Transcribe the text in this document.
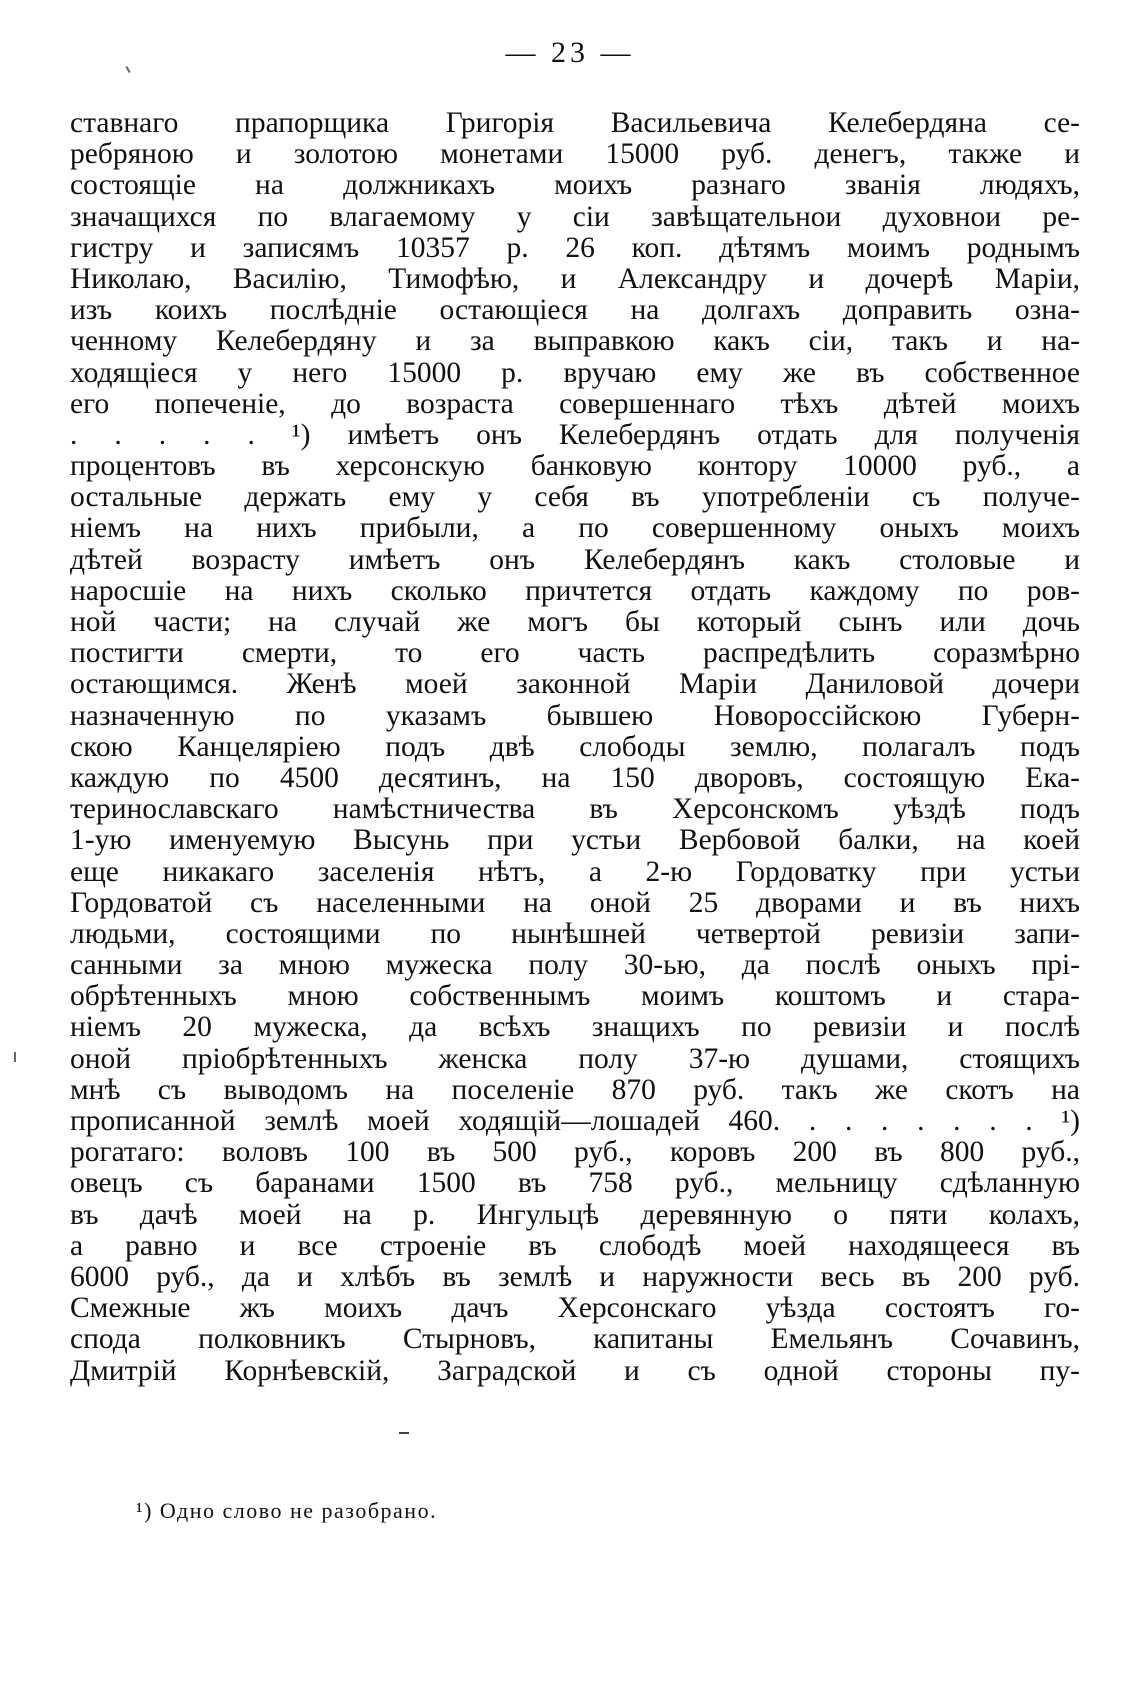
— 23 —
ставнаго прапорщика Григорія Васильевича Келебердяна се-
ребряною и золотою монетами 15000 руб. денегъ, также и
состоящіе на должникахъ моихъ разнаго званія людяхъ,
значащихся по влагаемому у сіи завѣщательнои духовнои ре-
гистру и записямъ 10357 р. 26 коп. дѣтямъ моимъ роднымъ
Николаю, Василію, Тимофѣю, и Александру и дочерѣ Маріи,
изъ коихъ послѣдніе остающіеся на долгахъ доправить озна-
ченному Келебердяну и за выправкою какъ сіи, такъ и на-
ходящіеся у него 15000 р. вручаю ему же въ собственное
его попеченіе, до возраста совершеннаго тѣхъ дѣтей моихъ
. . . . . ¹) имѣетъ онъ Келебердянъ отдать для полученія
процентовъ въ херсонскую банковую контору 10000 руб., а
остальные держать ему у себя въ употребленіи съ получе-
ніемъ на нихъ прибыли, а по совершенному оныхъ моихъ
дѣтей возрасту имѣетъ онъ Келебердянъ какъ столовые и
наросшіе на нихъ сколько причтется отдать каждому по ров-
ной части; на случай же могъ бы который сынъ или дочь
постигти смерти, то его часть распредѣлить соразмѣрно
остающимся. Женѣ моей законной Маріи Даниловой дочери
назначенную по указамъ бывшею Новороссійскою Губерн-
скою Канцеляріею подъ двѣ слободы землю, полагалъ подъ
каждую по 4500 десятинъ, на 150 дворовъ, состоящую Ека-
теринославскаго намѣстничества въ Херсонскомъ уѣздѣ подъ
1-ую именуемую Высунь при устьи Вербовой балки, на коей
еще никакаго заселенія нѣтъ, а 2-ю Гордоватку при устьи
Гордоватой съ населенными на оной 25 дворами и въ нихъ
людьми, состоящими по нынѣшней четвертой ревизіи запи-
санными за мною мужеска полу 30-ью, да послѣ оныхъ прі-
обрѣтенныхъ мною собственнымъ моимъ коштомъ и стара-
ніемъ 20 мужеска, да всѣхъ знащихъ по ревизіи и послѣ
оной пріобрѣтенныхъ женска полу 37-ю душами, стоящихъ
мнѣ съ выводомъ на поселеніе 870 руб. такъ же скотъ на
прописанной землѣ моей ходящій—лошадей 460. . . . . . . . ¹)
рогатаго: воловъ 100 въ 500 руб., коровъ 200 въ 800 руб.,
овецъ съ баранами 1500 въ 758 руб., мельницу сдѣланную
въ дачѣ моей на р. Ингульцѣ деревянную о пяти колахъ,
а равно и все строеніе въ слободѣ моей находящееся въ
6000 руб., да и хлѣбъ въ землѣ и наружности весь въ 200 руб.
Смежные жъ моихъ дачъ Херсонскаго уѣзда состоятъ го-
спода полковникъ Стырновъ, капитаны Емельянъ Сочавинъ,
Дмитрій Корнѣевскій, Заградской и съ одной стороны пу-
¹) Одно слово не разобрано.
